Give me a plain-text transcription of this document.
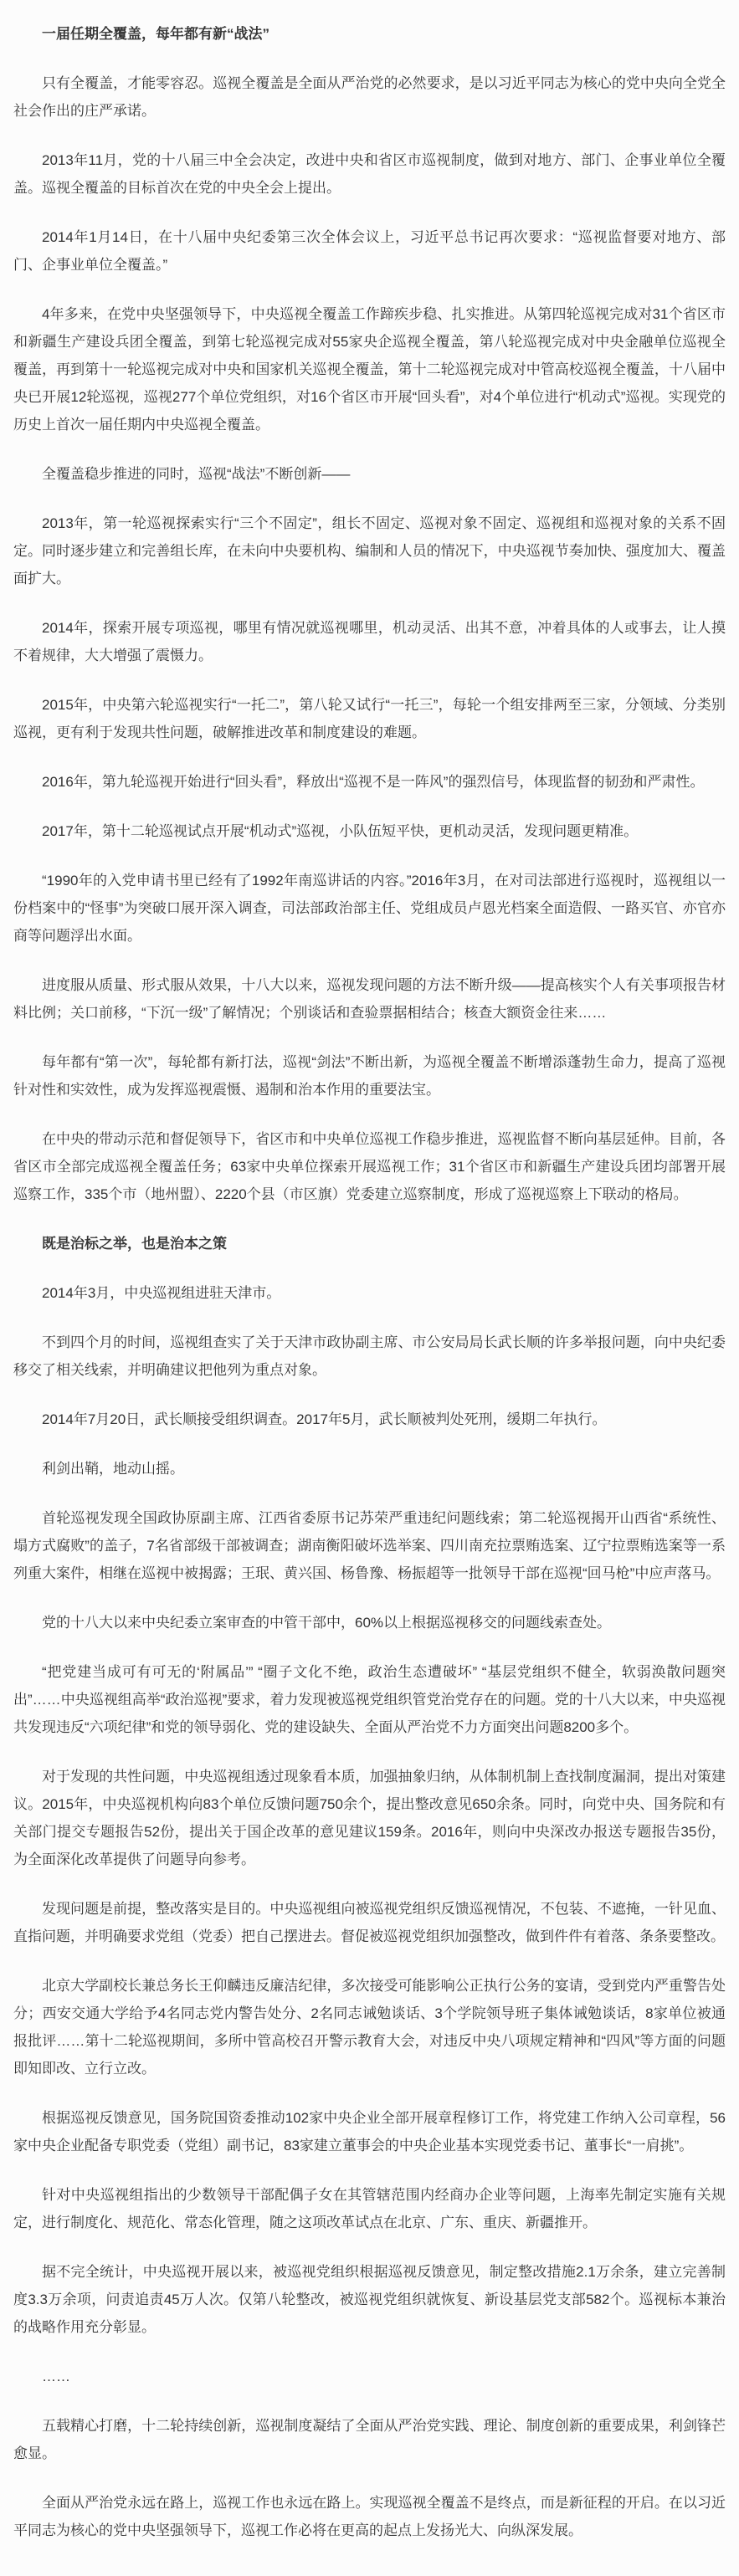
一届任期全覆盖，每年都有新“战法”

只有全覆盖，才能零容忍。巡视全覆盖是全面从严治党的必然要求，是以习近平同志为核心的党中央向全党全社会作出的庄严承诺。

2013年11月，党的十八届三中全会决定，改进中央和省区市巡视制度，做到对地方、部门、企事业单位全覆盖。巡视全覆盖的目标首次在党的中央全会上提出。

2014年1月14日，在十八届中央纪委第三次全体会议上，习近平总书记再次要求：“巡视监督要对地方、部门、企事业单位全覆盖。”

4年多来，在党中央坚强领导下，中央巡视全覆盖工作蹄疾步稳、扎实推进。从第四轮巡视完成对31个省区市和新疆生产建设兵团全覆盖，到第七轮巡视完成对55家央企巡视全覆盖，第八轮巡视完成对中央金融单位巡视全覆盖，再到第十一轮巡视完成对中央和国家机关巡视全覆盖，第十二轮巡视完成对中管高校巡视全覆盖，十八届中央已开展12轮巡视，巡视277个单位党组织，对16个省区市开展“回头看”，对4个单位进行“机动式”巡视。实现党的历史上首次一届任期内中央巡视全覆盖。

全覆盖稳步推进的同时，巡视“战法”不断创新——

2013年，第一轮巡视探索实行“三个不固定”，组长不固定、巡视对象不固定、巡视组和巡视对象的关系不固定。同时逐步建立和完善组长库，在未向中央要机构、编制和人员的情况下，中央巡视节奏加快、强度加大、覆盖面扩大。

2014年，探索开展专项巡视，哪里有情况就巡视哪里，机动灵活、出其不意，冲着具体的人或事去，让人摸不着规律，大大增强了震慑力。

2015年，中央第六轮巡视实行“一托二”，第八轮又试行“一托三”，每轮一个组安排两至三家，分领域、分类别巡视，更有利于发现共性问题，破解推进改革和制度建设的难题。

2016年，第九轮巡视开始进行“回头看”，释放出“巡视不是一阵风”的强烈信号，体现监督的韧劲和严肃性。

2017年，第十二轮巡视试点开展“机动式”巡视，小队伍短平快，更机动灵活，发现问题更精准。

“1990年的入党申请书里已经有了1992年南巡讲话的内容。”2016年3月，在对司法部进行巡视时，巡视组以一份档案中的“怪事”为突破口展开深入调查，司法部政治部主任、党组成员卢恩光档案全面造假、一路买官、亦官亦商等问题浮出水面。

进度服从质量、形式服从效果，十八大以来，巡视发现问题的方法不断升级——提高核实个人有关事项报告材料比例；关口前移，“下沉一级”了解情况；个别谈话和查验票据相结合；核查大额资金往来……

每年都有“第一次”，每轮都有新打法，巡视“剑法”不断出新，为巡视全覆盖不断增添蓬勃生命力，提高了巡视针对性和实效性，成为发挥巡视震慑、遏制和治本作用的重要法宝。

在中央的带动示范和督促领导下，省区市和中央单位巡视工作稳步推进，巡视监督不断向基层延伸。目前，各省区市全部完成巡视全覆盖任务；63家中央单位探索开展巡视工作；31个省区市和新疆生产建设兵团均部署开展巡察工作，335个市（地州盟）、2220个县（市区旗）党委建立巡察制度，形成了巡视巡察上下联动的格局。

既是治标之举，也是治本之策

2014年3月，中央巡视组进驻天津市。

不到四个月的时间，巡视组查实了关于天津市政协副主席、市公安局局长武长顺的许多举报问题，向中央纪委移交了相关线索，并明确建议把他列为重点对象。

2014年7月20日，武长顺接受组织调查。2017年5月，武长顺被判处死刑，缓期二年执行。

利剑出鞘，地动山摇。

首轮巡视发现全国政协原副主席、江西省委原书记苏荣严重违纪问题线索；第二轮巡视揭开山西省“系统性、塌方式腐败”的盖子，7名省部级干部被调查；湖南衡阳破坏选举案、四川南充拉票贿选案、辽宁拉票贿选案等一系列重大案件，相继在巡视中被揭露；王珉、黄兴国、杨鲁豫、杨振超等一批领导干部在巡视“回马枪”中应声落马。

党的十八大以来中央纪委立案审查的中管干部中，60%以上根据巡视移交的问题线索查处。

“把党建当成可有可无的‘附属品’” “圈子文化不绝，政治生态遭破坏” “基层党组织不健全，软弱涣散问题突出”……中央巡视组高举“政治巡视”要求，着力发现被巡视党组织管党治党存在的问题。党的十八大以来，中央巡视共发现违反“六项纪律”和党的领导弱化、党的建设缺失、全面从严治党不力方面突出问题8200多个。

对于发现的共性问题，中央巡视组透过现象看本质，加强抽象归纳，从体制机制上查找制度漏洞，提出对策建议。2015年，中央巡视机构向83个单位反馈问题750余个，提出整改意见650余条。同时，向党中央、国务院和有关部门提交专题报告52份，提出关于国企改革的意见建议159条。2016年，则向中央深改办报送专题报告35份，为全面深化改革提供了问题导向参考。

发现问题是前提，整改落实是目的。中央巡视组向被巡视党组织反馈巡视情况，不包装、不遮掩，一针见血、直指问题，并明确要求党组（党委）把自己摆进去。督促被巡视党组织加强整改，做到件件有着落、条条要整改。

北京大学副校长兼总务长王仰麟违反廉洁纪律，多次接受可能影响公正执行公务的宴请，受到党内严重警告处分；西安交通大学给予4名同志党内警告处分、2名同志诫勉谈话、3个学院领导班子集体诫勉谈话，8家单位被通报批评……第十二轮巡视期间，多所中管高校召开警示教育大会，对违反中央八项规定精神和“四风”等方面的问题即知即改、立行立改。

根据巡视反馈意见，国务院国资委推动102家中央企业全部开展章程修订工作，将党建工作纳入公司章程，56家中央企业配备专职党委（党组）副书记，83家建立董事会的中央企业基本实现党委书记、董事长“一肩挑”。

针对中央巡视组指出的少数领导干部配偶子女在其管辖范围内经商办企业等问题，上海率先制定实施有关规定，进行制度化、规范化、常态化管理，随之这项改革试点在北京、广东、重庆、新疆推开。

据不完全统计，中央巡视开展以来，被巡视党组织根据巡视反馈意见，制定整改措施2.1万余条，建立完善制度3.3万余项，问责追责45万人次。仅第八轮整改，被巡视党组织就恢复、新设基层党支部582个。巡视标本兼治的战略作用充分彰显。

……

五载精心打磨，十二轮持续创新，巡视制度凝结了全面从严治党实践、理论、制度创新的重要成果，利剑锋芒愈显。

全面从严治党永远在路上，巡视工作也永远在路上。实现巡视全覆盖不是终点，而是新征程的开启。在以习近平同志为核心的党中央坚强领导下，巡视工作必将在更高的起点上发扬光大、向纵深发展。
